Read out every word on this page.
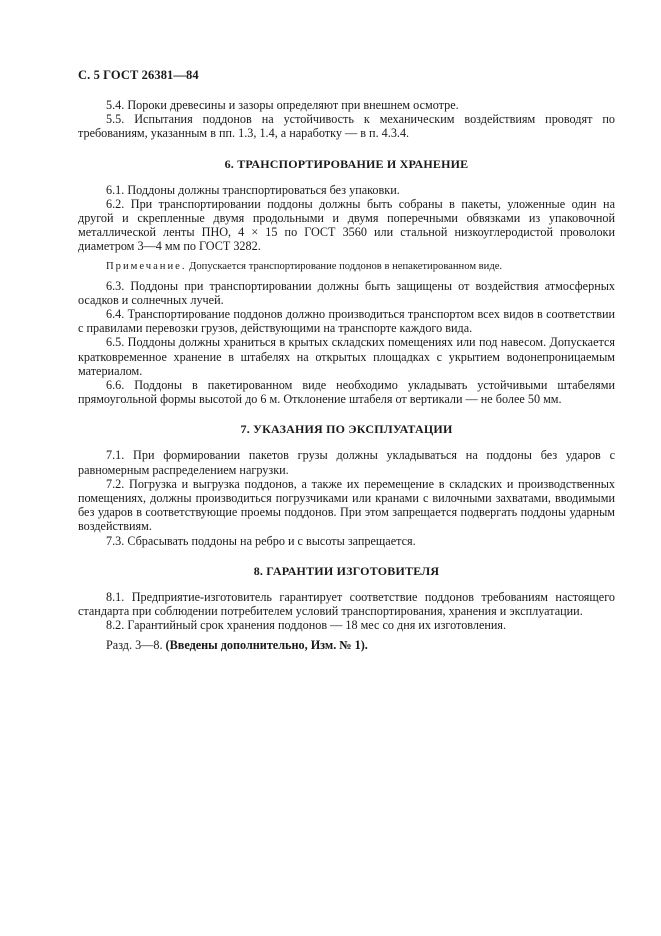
С. 5 ГОСТ 26381—84

5.4. Пороки древесины и зазоры определяют при внешнем осмотре.

5.5. Испытания поддонов на устойчивость к механическим воздействиям проводят по требованиям, указанным в пп. 1.3, 1.4, а наработку — в п. 4.3.4.

6. ТРАНСПОРТИРОВАНИЕ И ХРАНЕНИЕ

6.1. Поддоны должны транспортироваться без упаковки.

6.2. При транспортировании поддоны должны быть собраны в пакеты, уложенные один на другой и скрепленные двумя продольными и двумя поперечными обвязками из упаковочной металлической ленты ПНО, 4 × 15 по ГОСТ 3560 или стальной низкоуглеродистой проволоки диаметром 3—4 мм по ГОСТ 3282.

Примечание. Допускается транспортирование поддонов в непакетированном виде.

6.3. Поддоны при транспортировании должны быть защищены от воздействия атмосферных осадков и солнечных лучей.

6.4. Транспортирование поддонов должно производиться транспортом всех видов в соответствии с правилами перевозки грузов, действующими на транспорте каждого вида.

6.5. Поддоны должны храниться в крытых складских помещениях или под навесом. Допускается кратковременное хранение в штабелях на открытых площадках с укрытием водонепроницаемым материалом.

6.6. Поддоны в пакетированном виде необходимо укладывать устойчивыми штабелями прямоугольной формы высотой до 6 м. Отклонение штабеля от вертикали — не более 50 мм.

7. УКАЗАНИЯ ПО ЭКСПЛУАТАЦИИ

7.1. При формировании пакетов грузы должны укладываться на поддоны без ударов с равномерным распределением нагрузки.

7.2. Погрузка и выгрузка поддонов, а также их перемещение в складских и производственных помещениях, должны производиться погрузчиками или кранами с вилочными захватами, вводимыми без ударов в соответствующие проемы поддонов. При этом запрещается подвергать поддоны ударным воздействиям.

7.3. Сбрасывать поддоны на ребро и с высоты запрещается.

8. ГАРАНТИИ ИЗГОТОВИТЕЛЯ

8.1. Предприятие-изготовитель гарантирует соответствие поддонов требованиям настоящего стандарта при соблюдении потребителем условий транспортирования, хранения и эксплуатации.

8.2. Гарантийный срок хранения поддонов — 18 мес со дня их изготовления.

Разд. 3—8. (Введены дополнительно, Изм. № 1).
